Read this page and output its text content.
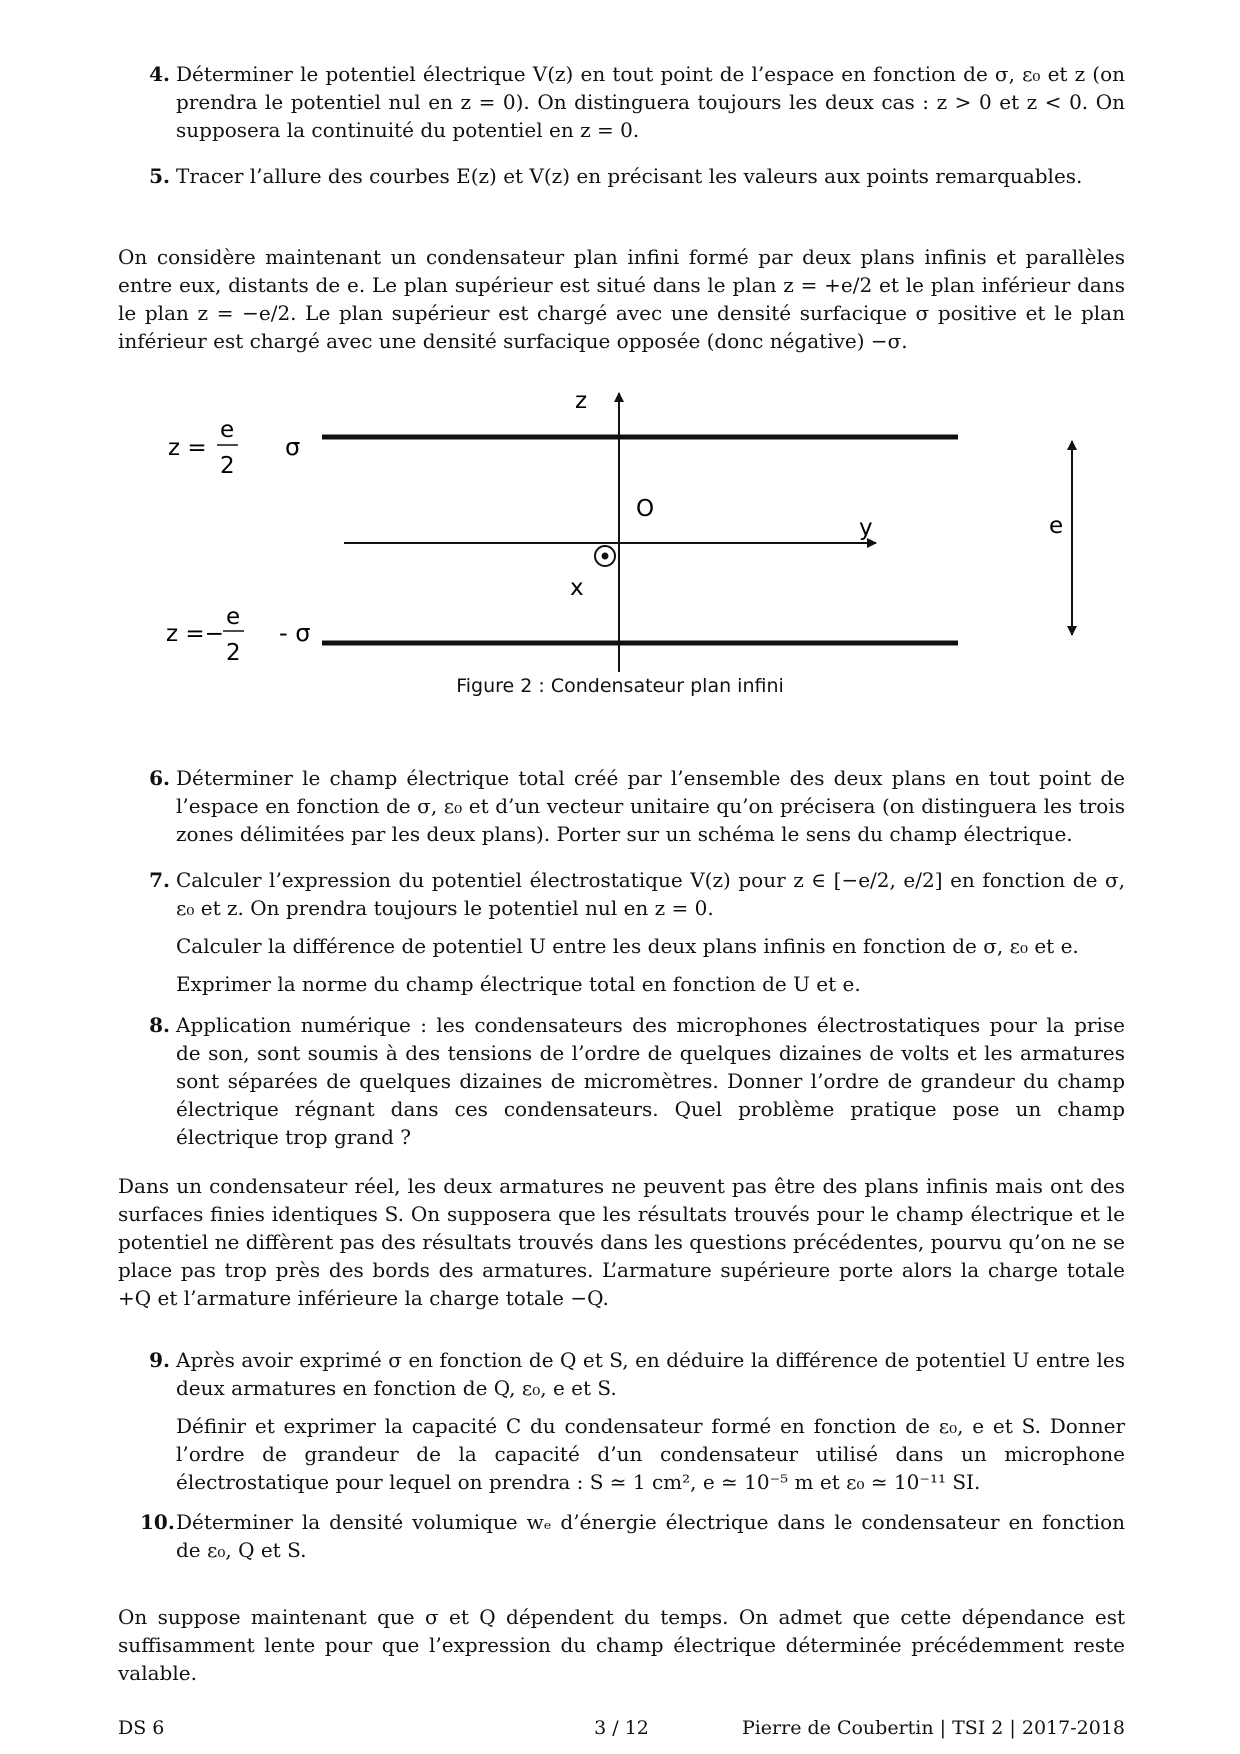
4. Déterminer le potentiel électrique V(z) en tout point de l’espace en fonction de σ, ε₀ et z (on prendra le potentiel nul en z = 0). On distinguera toujours les deux cas : z > 0 et z < 0. On supposera la continuité du potentiel en z = 0.

5. Tracer l’allure des courbes E(z) et V(z) en précisant les valeurs aux points remarquables.

On considère maintenant un condensateur plan infini formé par deux plans infinis et parallèles entre eux, distants de e. Le plan supérieur est situé dans le plan z = +e/2 et le plan inférieur dans le plan z = −e/2. Le plan supérieur est chargé avec une densité surfacique σ positive et le plan inférieur est chargé avec une densité surfacique opposée (donc négative) −σ.

z
O
y
x
e
σ
- σ
z =
e
2
z =−
e
2
Figure 2 : Condensateur plan infini
6. Déterminer le champ électrique total créé par l’ensemble des deux plans en tout point de l’espace en fonction de σ, ε₀ et d’un vecteur unitaire qu’on précisera (on distinguera les trois zones délimitées par les deux plans). Porter sur un schéma le sens du champ électrique.

7. Calculer l’expression du potentiel électrostatique V(z) pour z ∈ [−e/2, e/2] en fonction de σ, ε₀ et z. On prendra toujours le potentiel nul en z = 0.

Calculer la différence de potentiel U entre les deux plans infinis en fonction de σ, ε₀ et e.

Exprimer la norme du champ électrique total en fonction de U et e.

8. Application numérique : les condensateurs des microphones électrostatiques pour la prise de son, sont soumis à des tensions de l’ordre de quelques dizaines de volts et les armatures sont séparées de quelques dizaines de micromètres. Donner l’ordre de grandeur du champ électrique régnant dans ces condensateurs. Quel problème pratique pose un champ électrique trop grand ?

Dans un condensateur réel, les deux armatures ne peuvent pas être des plans infinis mais ont des surfaces finies identiques S. On supposera que les résultats trouvés pour le champ électrique et le potentiel ne diffèrent pas des résultats trouvés dans les questions précédentes, pourvu qu’on ne se place pas trop près des bords des armatures. L’armature supérieure porte alors la charge totale +Q et l’armature inférieure la charge totale −Q.

9. Après avoir exprimé σ en fonction de Q et S, en déduire la différence de potentiel U entre les deux armatures en fonction de Q, ε₀, e et S.

Définir et exprimer la capacité C du condensateur formé en fonction de ε₀, e et S. Donner l’ordre de grandeur de la capacité d’un condensateur utilisé dans un microphone électrostatique pour lequel on prendra : S ≃ 1 cm², e ≃ 10⁻⁵ m et ε₀ ≃ 10⁻¹¹ SI.

10. Déterminer la densité volumique wₑ d’énergie électrique dans le condensateur en fonction de ε₀, Q et S.

On suppose maintenant que σ et Q dépendent du temps. On admet que cette dépendance est suffisamment lente pour que l’expression du champ électrique déterminée précédemment reste valable.

DS 6	3 / 12	Pierre de Coubertin | TSI 2 | 2017-2018
